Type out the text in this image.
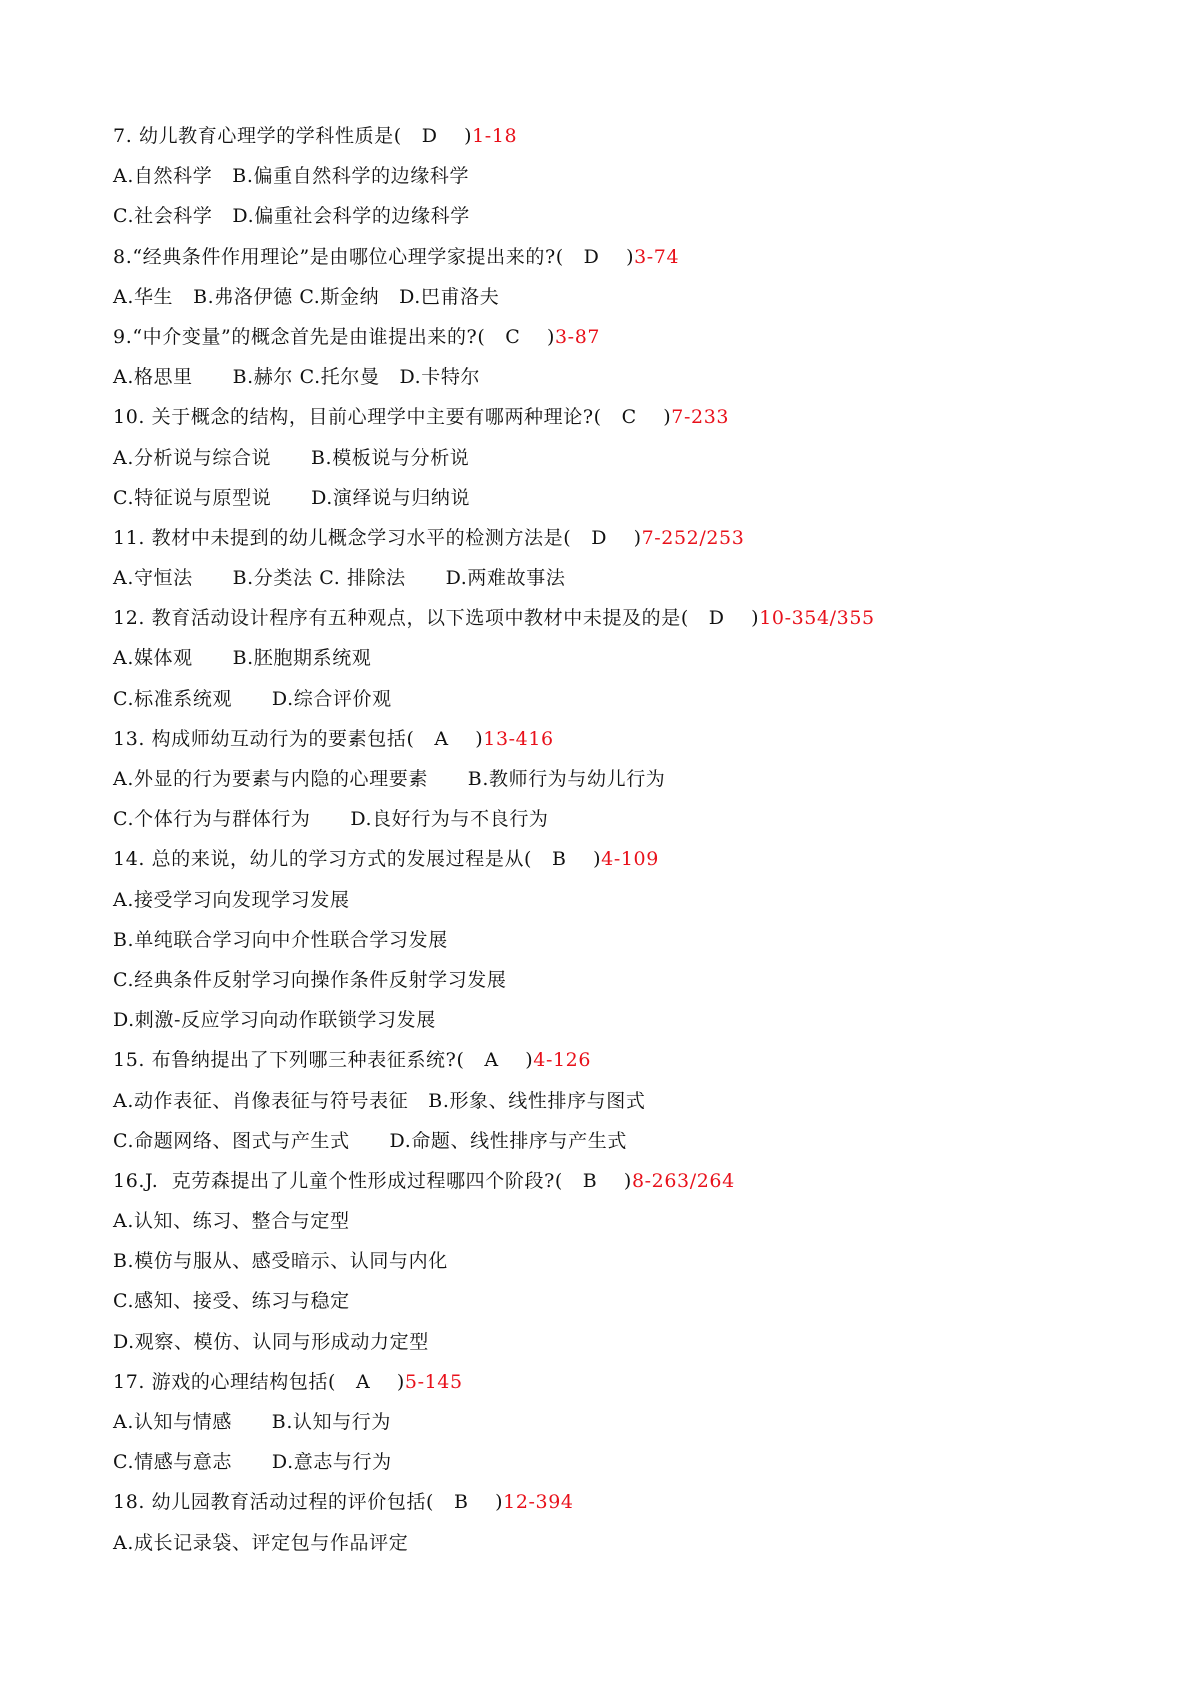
7. 幼儿教育心理学的学科性质是(   D    )1-18
A.自然科学   B.偏重自然科学的边缘科学
C.社会科学   D.偏重社会科学的边缘科学
8.“经典条件作用理论”是由哪位心理学家提出来的?(   D    )3-74
A.华生   B.弗洛伊德 C.斯金纳   D.巴甫洛夫
9.“中介变量”的概念首先是由谁提出来的?(   C    )3-87
A.格思里      B.赫尔 C.托尔曼   D.卡特尔
10. 关于概念的结构，目前心理学中主要有哪两种理论?(   C    )7-233
A.分析说与综合说      B.模板说与分析说
C.特征说与原型说      D.演绎说与归纳说
11. 教材中未提到的幼儿概念学习水平的检测方法是(   D    )7-252/253
A.守恒法      B.分类法 C. 排除法      D.两难故事法
12. 教育活动设计程序有五种观点，以下选项中教材中未提及的是(   D    )10-354/355
A.媒体观      B.胚胞期系统观
C.标准系统观      D.综合评价观
13. 构成师幼互动行为的要素包括(   A    )13-416
A.外显的行为要素与内隐的心理要素      B.教师行为与幼儿行为
C.个体行为与群体行为      D.良好行为与不良行为
14. 总的来说，幼儿的学习方式的发展过程是从(   B    )4-109
A.接受学习向发现学习发展
B.单纯联合学习向中介性联合学习发展
C.经典条件反射学习向操作条件反射学习发展
D.刺激-反应学习向动作联锁学习发展
15. 布鲁纳提出了下列哪三种表征系统?(   A    )4-126
A.动作表征、肖像表征与符号表征   B.形象、线性排序与图式
C.命题网络、图式与产生式      D.命题、线性排序与产生式
16.J.  克劳森提出了儿童个性形成过程哪四个阶段?(   B    )8-263/264
A.认知、练习、整合与定型
B.模仿与服从、感受暗示、认同与内化
C.感知、接受、练习与稳定
D.观察、模仿、认同与形成动力定型
17. 游戏的心理结构包括(   A    )5-145
A.认知与情感      B.认知与行为
C.情感与意志      D.意志与行为
18. 幼儿园教育活动过程的评价包括(   B    )12-394
A.成长记录袋、评定包与作品评定
